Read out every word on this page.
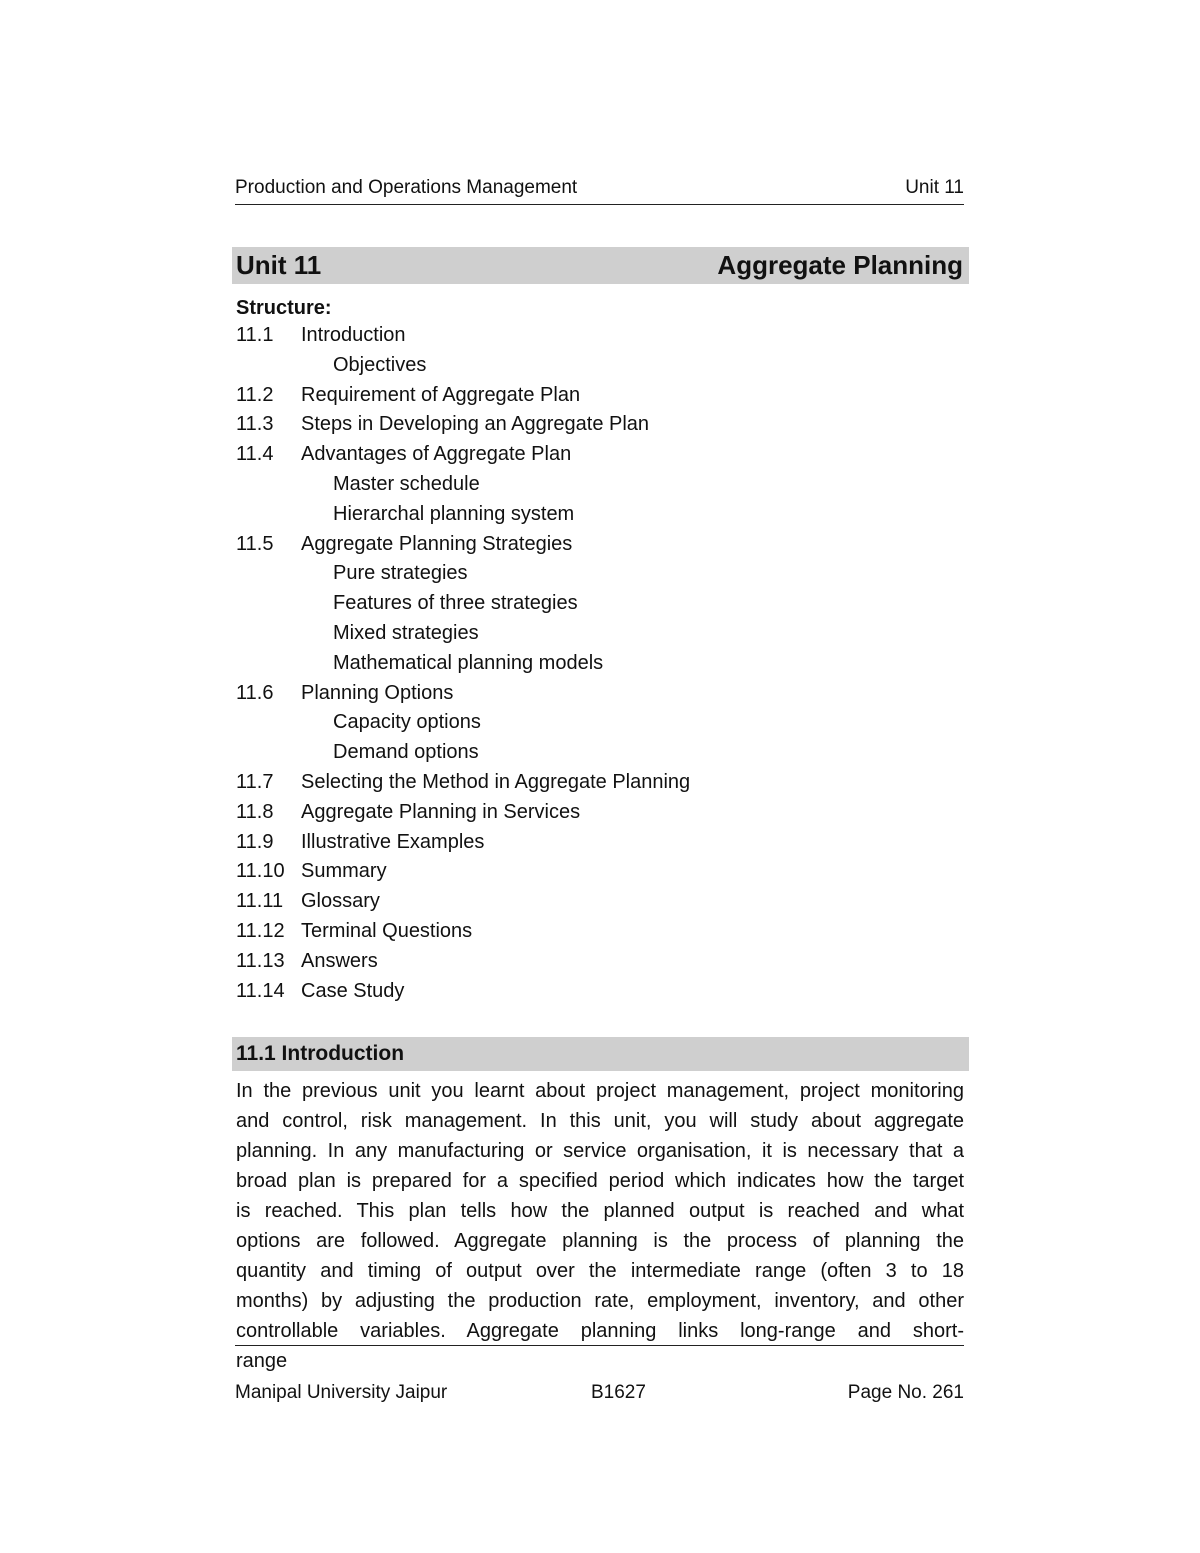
Production and Operations Management	Unit 11
Unit 11	Aggregate Planning
Structure:
11.1 Introduction
Objectives
11.2 Requirement of Aggregate Plan
11.3 Steps in Developing an Aggregate Plan
11.4 Advantages of Aggregate Plan
Master schedule
Hierarchal planning system
11.5 Aggregate Planning Strategies
Pure strategies
Features of three strategies
Mixed strategies
Mathematical planning models
11.6 Planning Options
Capacity options
Demand options
11.7 Selecting the Method in Aggregate Planning
11.8 Aggregate Planning in Services
11.9 Illustrative Examples
11.10 Summary
11.11 Glossary
11.12 Terminal Questions
11.13 Answers
11.14 Case Study
11.1 Introduction
In the previous unit you learnt about project management, project monitoring
and control, risk management. In this unit, you will study about aggregate
planning. In any manufacturing or service organisation, it is necessary that a
broad plan is prepared for a specified period which indicates how the target
is reached. This plan tells how the planned output is reached and what
options are followed. Aggregate planning is the process of planning the
quantity and timing of output over the intermediate range (often 3 to 18
months) by adjusting the production rate, employment, inventory, and other
controllable variables. Aggregate planning links long-range and short-
range
Manipal University Jaipur	B1627	Page No. 261
